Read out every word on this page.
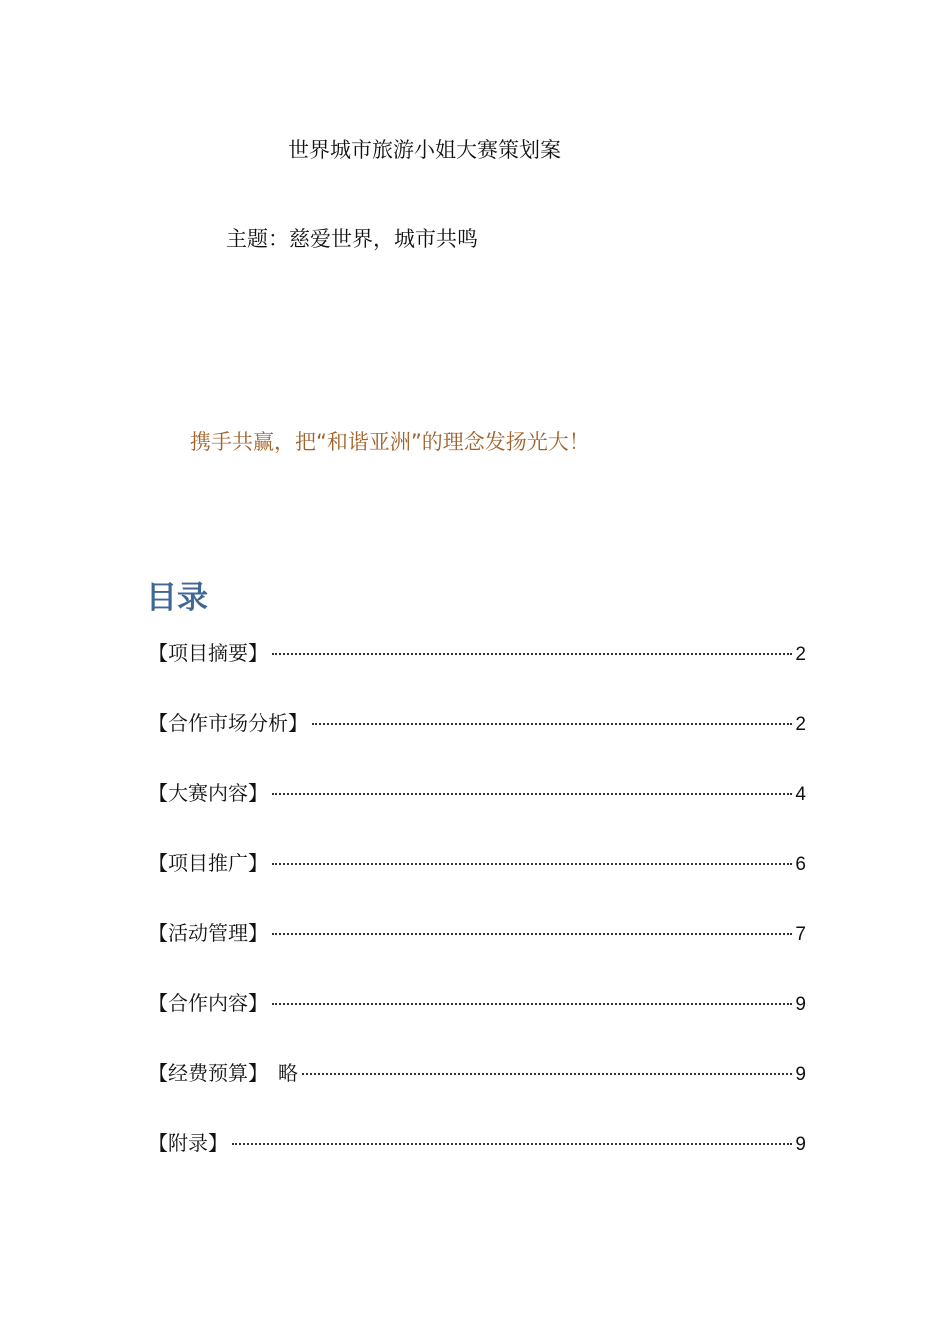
世界城市旅游小姐大赛策划案
主题：慈爱世界，城市共鸣
携手共赢，把“和谐亚洲”的理念发扬光大！
目录
【项目摘要】	2
【合作市场分析】	2
【大赛内容】	4
【项目推广】	6
【活动管理】	7
【合作内容】	9
【经费预算】 略	9
【附录】	9
